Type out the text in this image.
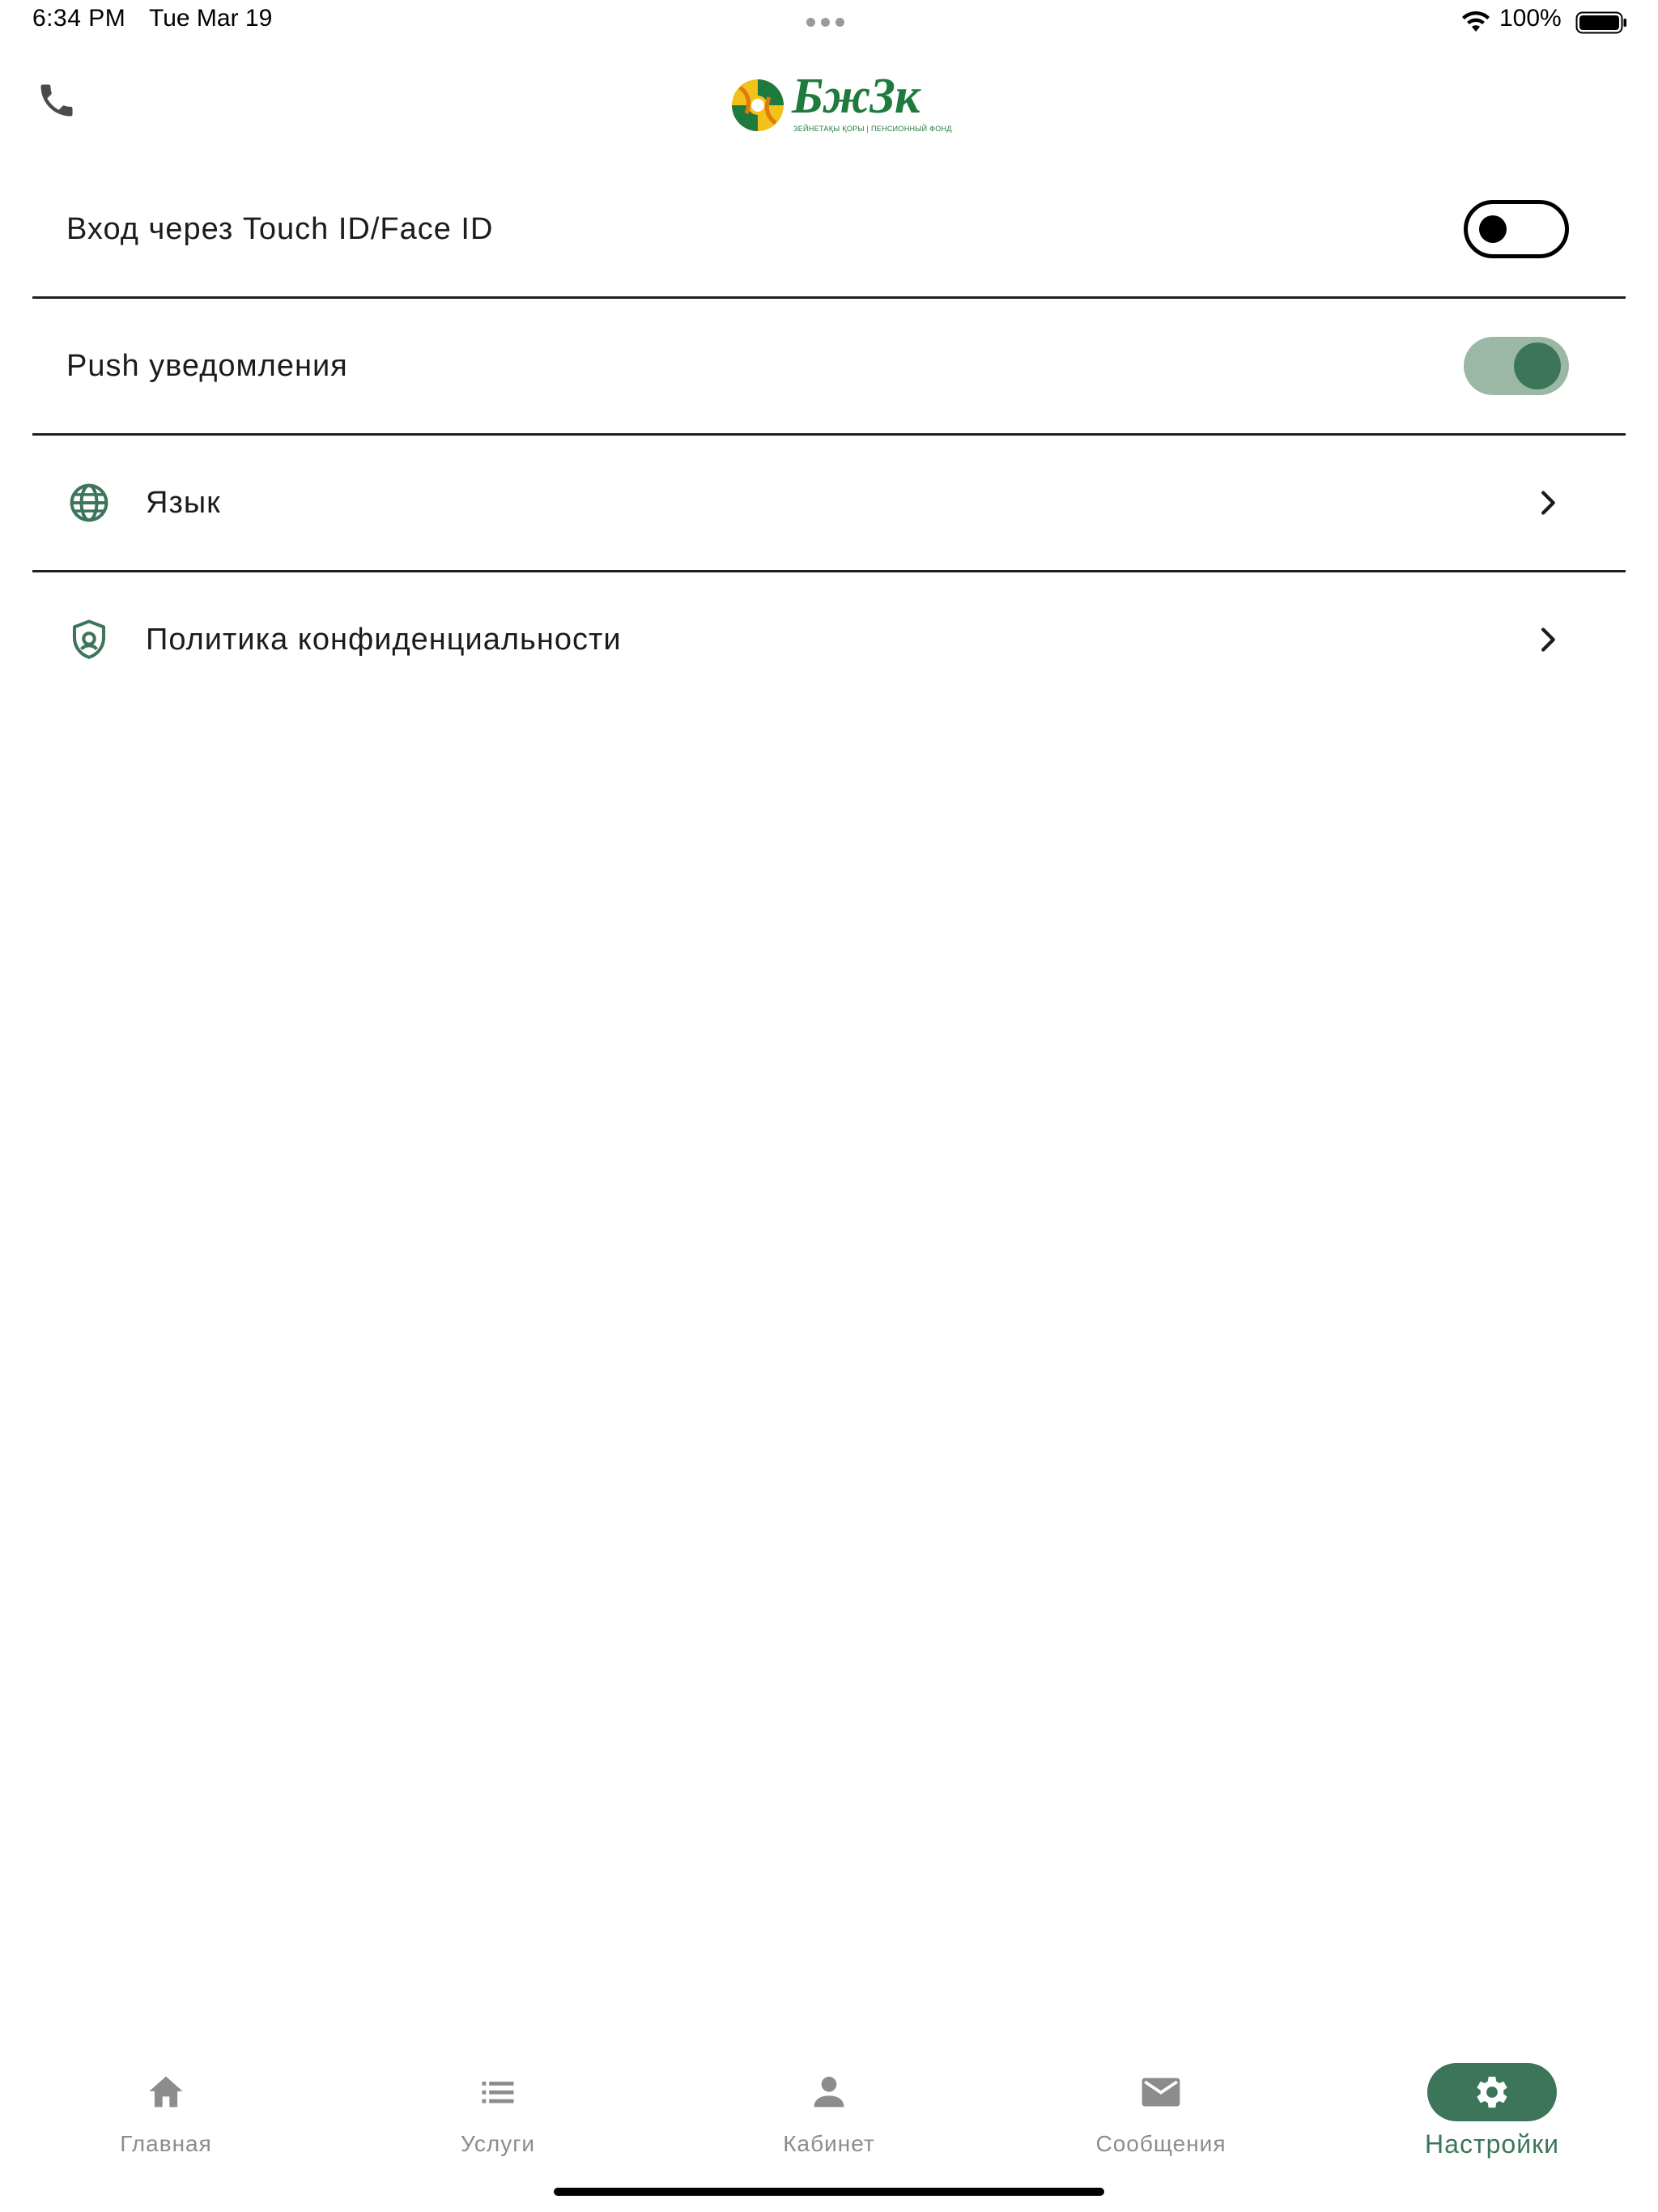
6:34 PM Tue Mar 19	100%
БжЗк
ЗЕЙНЕТАҚЫ ҚОРЫ | ПЕНСИОННЫЙ ФОНД
Вход через Touch ID/Face ID
Push уведомления
Язык
Политика конфиденциальности
Главная	Услуги	Кабинет	Сообщения	Настройки
